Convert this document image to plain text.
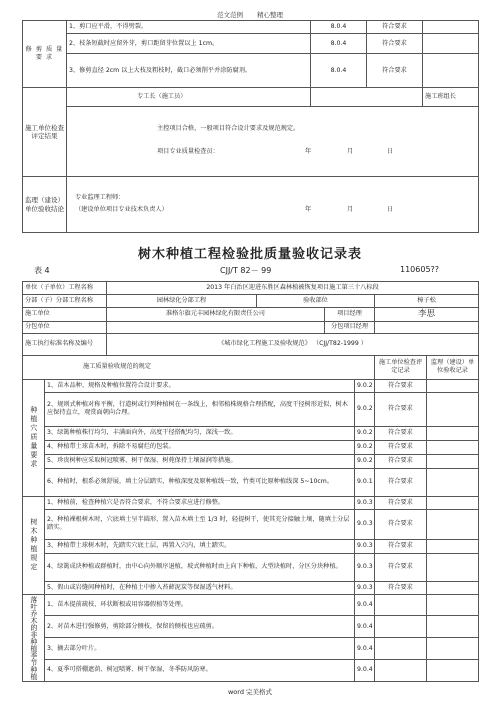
范文范例 精心整理
修 剪 质 量 要 求	1、剪口应平滑，不得劈裂。	8.0.4	符合要求	
	2、枝条短截时应留外芽，剪口距留芽位置以上 1cm。	8.0.4	符合要求	
	3、修剪直径 2cm 以上大枝及粗枝时，截口必须削平并涂防腐剂。	8.0.4	符合要求	
施工单位检查评定结果	专工长（施工员）			施工班组长

	主控项目合格，一般项目符合设计要求及规范规定。
项目专业质量检查员： 年 月 日			

监理（建设）单位验收结论	专业监理工程师：
（建设单位项目专业技术负责人） 年 月 日			
树木种植工程检验批质量验收记录表
表 4	CJJ/T 82－ 99	110605??
单位（子单位）工程名称		2013 年白治区迎进东胜区森林植被恢复项目施工第三十八标段					
分部（子）分部工程名称		园林绿化分部工程	验收部位			樟子松	
施工单位		准格尔旗元丰园林绿化有限责任公司		项目经理		李思	
分包单位				分包项目经理			
施工执行标准名称及编号		《城市绿化工程施工及验收规范》 （CJJ/T82-1999 ）					
施工质量验收规范的规定						施工单位检查评定记录	监理（建设）单位验收记录

种植穴质量要求	1、苗木品种、规格及种植位置符合设计要求。				9.0.2	符合要求	
	2、规则式种植对称平衡，行道树或行列种植树在一条线上，相邻植株规格合理搭配，高度干径树形近似，树木应保持直立，观赏面朝向合理。				9.0.2	符合要求	
	3、绿篱种植株行均匀，丰满面向外，高度干径搭配均匀，深浅一致。				9.0.2	符合要求	
	4、种植带土球苗木时，拆除不易腐烂的包装。				9.0.2	符合要求	
	5、珍贵树种应采取树冠喷雾、树干保湿、树蔸保持土壤湿润等措施。				9.0.2	符合要求	
	6、种植时，根系必须舒展，填土分层踏实，种植深度及原种植线一致，竹类可比原种植线深 5~10cm。				9.0.1	符合要求	

树木种植规定	1、种植前，检查种植穴是否符合要求，不符合要求应进行修整。				9.0.3	符合要求	
	2、种植裸根树木时，穴底填土呈半圆形，置入苗木填土至 1/3 时，轻提树干，使其充分接触土壤，随填土分层踏实。				9.0.3	符合要求	
	3、种植带土球树木时，先踏实穴底土层，再置入穴内，填土踏实。				9.0.3	符合要求	
	4、绿篱成块种植或群植时，由中心向外顺序退植，坡式种植时由上向下种植，大型块植时，分区分块种植。				9.0.3	符合要求	
	5、假山或岩缝间种植时，在种植土中掺入苔藓泥炭等保湿透气材料。				9.0.3	符合要求	

落叶乔木的非种植季节种植	1、苗木提前疏枝、环状断根或用容器假植等处理。				9.0.4		
	2、对苗木进行强修剪，剪除部分侧枝，保留的侧枝也应疏剪。				9.0.4		
	3、摘去部分叶片。				9.0.4		
	4、夏季可搭棚遮荫、树冠喷雾、树干保湿，冬季防风防寒。				9.0.4		
word 完美格式
